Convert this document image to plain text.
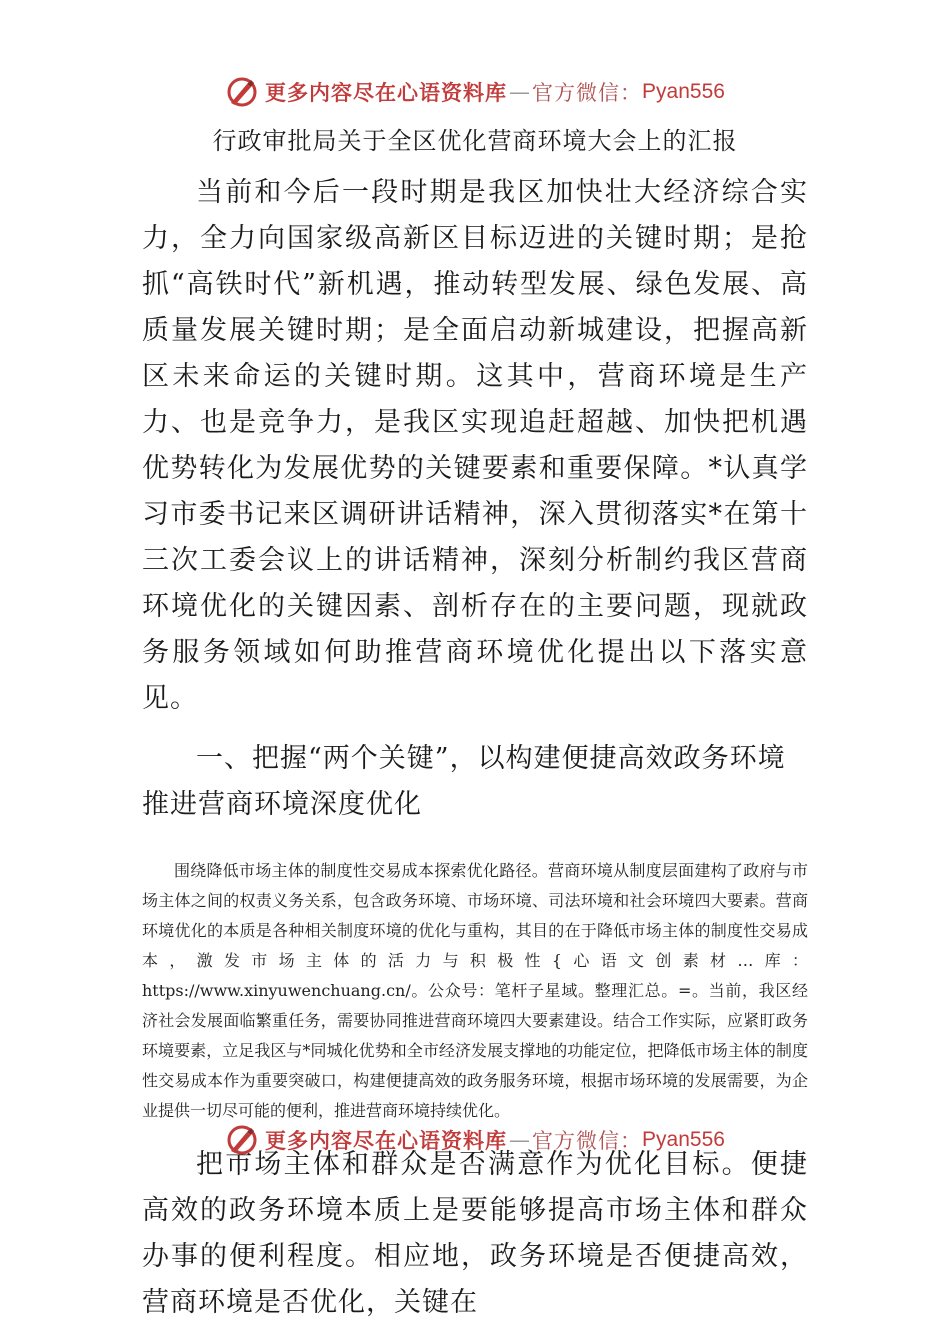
更多内容尽在心语资料库 — 官方微信： Pyan556
行政审批局关于全区优化营商环境大会上的汇报

当前和今后一段时期是我区加快壮大经济综合实力，全力向国家级高新区目标迈进的关键时期；是抢抓“高铁时代”新机遇，推动转型发展、绿色发展、高质量发展关键时期；是全面启动新城建设，把握高新区未来命运的关键时期。这其中，营商环境是生产力、也是竞争力，是我区实现追赶超越、加快把机遇优势转化为发展优势的关键要素和重要保障。*认真学习市委书记来区调研讲话精神，深入贯彻落实*在第十三次工委会议上的讲话精神，深刻分析制约我区营商环境优化的关键因素、剖析存在的主要问题，现就政务服务领域如何助推营商环境优化提出以下落实意见。

一、把握“两个关键”，以构建便捷高效政务环境推进营商环境深度优化

围绕降低市场主体的制度性交易成本探索优化路径。营商环境从制度层面建构了政府与市场主体之间的权责义务关系，包含政务环境、市场环境、司法环境和社会环境四大要素。营商环境优化的本质是各种相关制度环境的优化与重构，其目的在于降低市场主体的制度性交易成本，激发市场主体的活力与积极性{心语文创素材…库：https://www.xinyuwenchuang.cn/。公众号：笔杆子星域。整理汇总。=。当前，我区经济社会发展面临繁重任务，需要协同推进营商环境四大要素建设。结合工作实际，应紧盯政务环境要素，立足我区与*同城化优势和全市经济发展支撑地的功能定位，把降低市场主体的制度性交易成本作为重要突破口，构建便捷高效的政务服务环境，根据市场环境的发展需要，为企业提供一切尽可能的便利，推进营商环境持续优化。

把市场主体和群众是否满意作为优化目标。便捷高效的政务环境本质上是要能够提高市场主体和群众办事的便利程度。相应地，政务环境是否便捷高效，营商环境是否优化，关键在

更多内容尽在心语资料库 — 官方微信： Pyan556
